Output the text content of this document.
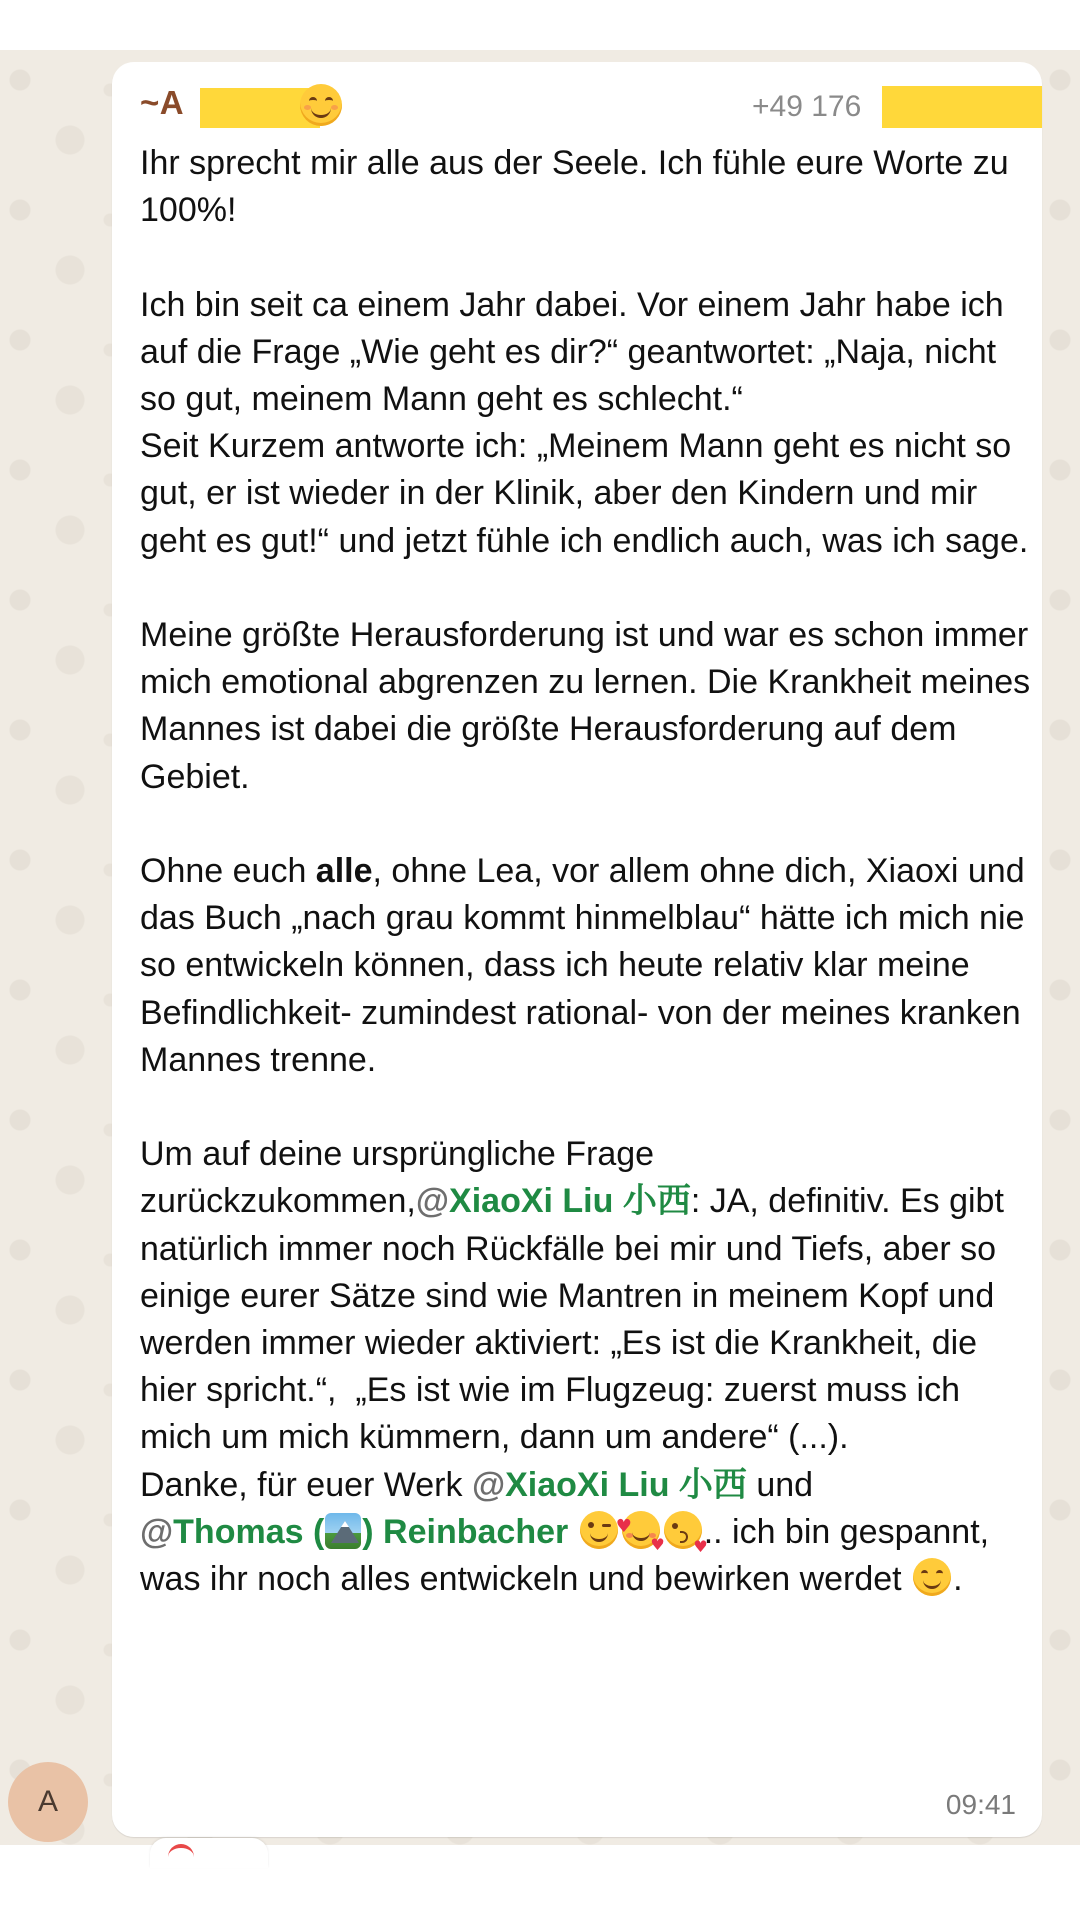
~A	+49 176
Ihr sprecht mir alle aus der Seele. Ich fühle eure Worte zu 100%!

Ich bin seit ca einem Jahr dabei. Vor einem Jahr habe ich auf die Frage „Wie geht es dir?“ geantwortet: „Naja, nicht so gut, meinem Mann geht es schlecht.“
Seit Kurzem antworte ich: „Meinem Mann geht es nicht so gut, er ist wieder in der Klinik, aber den Kindern und mir geht es gut!“ und jetzt fühle ich endlich auch, was ich sage.

Meine größte Herausforderung ist und war es schon immer mich emotional abgrenzen zu lernen. Die Krankheit meines Mannes ist dabei die größte Herausforderung auf dem Gebiet.

Ohne euch alle, ohne Lea, vor allem ohne dich, Xiaoxi und das Buch „nach grau kommt hinmelblau“ hätte ich mich nie so entwickeln können, dass ich heute relativ klar meine Befindlichkeit- zumindest rational- von der meines kranken Mannes trenne.

Um auf deine ursprüngliche Frage zurückzukommen,@XiaoXi Liu 小西: JA, definitiv. Es gibt natürlich immer noch Rückfälle bei mir und Tiefs, aber so einige eurer Sätze sind wie Mantren in meinem Kopf und werden immer wieder aktiviert: „Es ist die Krankheit, die hier spricht.“,  „Es ist wie im Flugzeug: zuerst muss ich mich um mich kümmern, dann um andere“ (...).
Danke, für euer Werk @XiaoXi Liu 小西 und
@Thomas ( ) Reinbacher ♥
♥ ♥	.. ich bin gespannt, was ihr noch alles entwickeln und bewirken werdet
.
09:41
A
